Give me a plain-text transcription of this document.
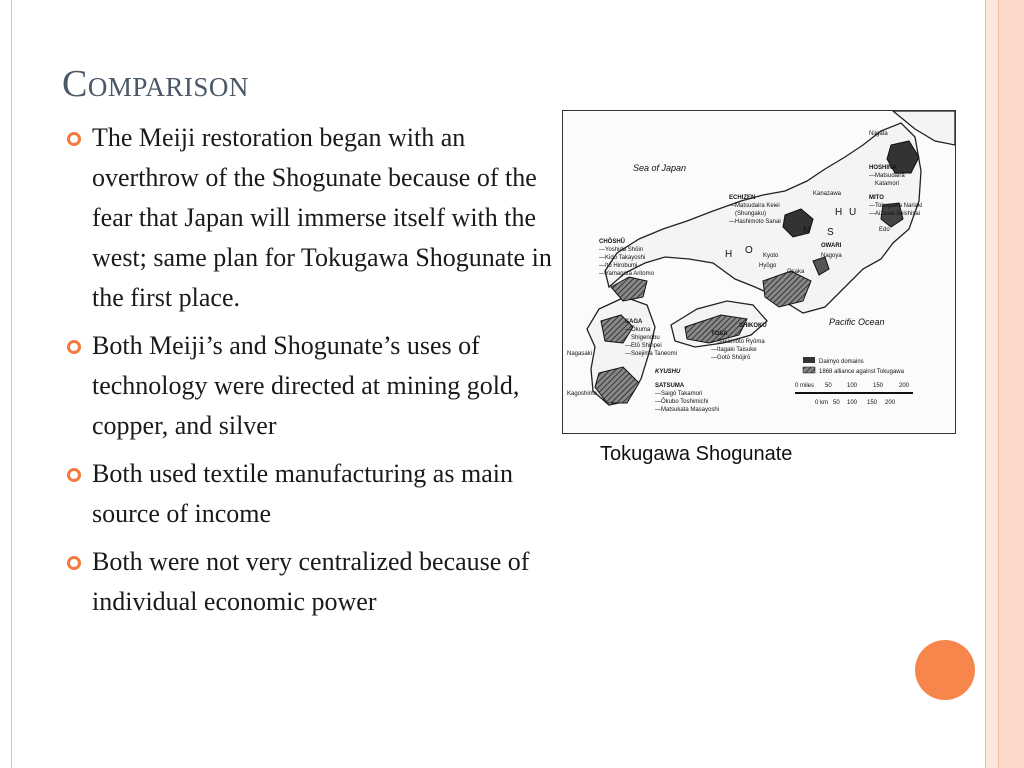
Comparison
The Meiji restoration began with an overthrow of the Shogunate because of the fear that Japan will immerse itself with the west; same plan for Tokugawa Shogunate in the first place.
Both Meiji’s and Shogunate’s uses of technology were directed at mining gold, copper, and silver
Both used textile manufacturing as main source of income
Both were not very centralized because of individual economic power
Sea of Japan
Pacific Ocean
Niigata
HOSHINA
—Matsudaira
Katamori
MITO
—Tokugawa Nariaki
—Aizawa Seishisai
Edo
ECHIZEN
—Matsudaira Keiei
(Shungaku)
—Hashimoto Sanai
Kanazawa
OWARI
Nagoya
Kyoto
Hyōgo
Osaka
CHŌSHŪ
—Yoshida Shōin
—Kido Takayoshi
—Itō Hirobumi
—Yamagata Aritomo
SAGA
—Ōkuma
Shigenobu
—Etō Shinpei
—Soejima Taneomi
Nagasaki
SHIKOKU
TOSA
—Sakamoto Ryōma
—Itagaki Taisuke
—Gotō Shōjirō
KYUSHU
SATSUMA
—Saigō Takamori
—Ōkubo Toshimichi
—Matsukata Masayoshi
Kagoshima
H O
N S
H U
Daimyo domains
1868 alliance against Tokugawa
0 miles 50	100	150	200
0 km 50 100 150 200

Tokugawa Shogunate
